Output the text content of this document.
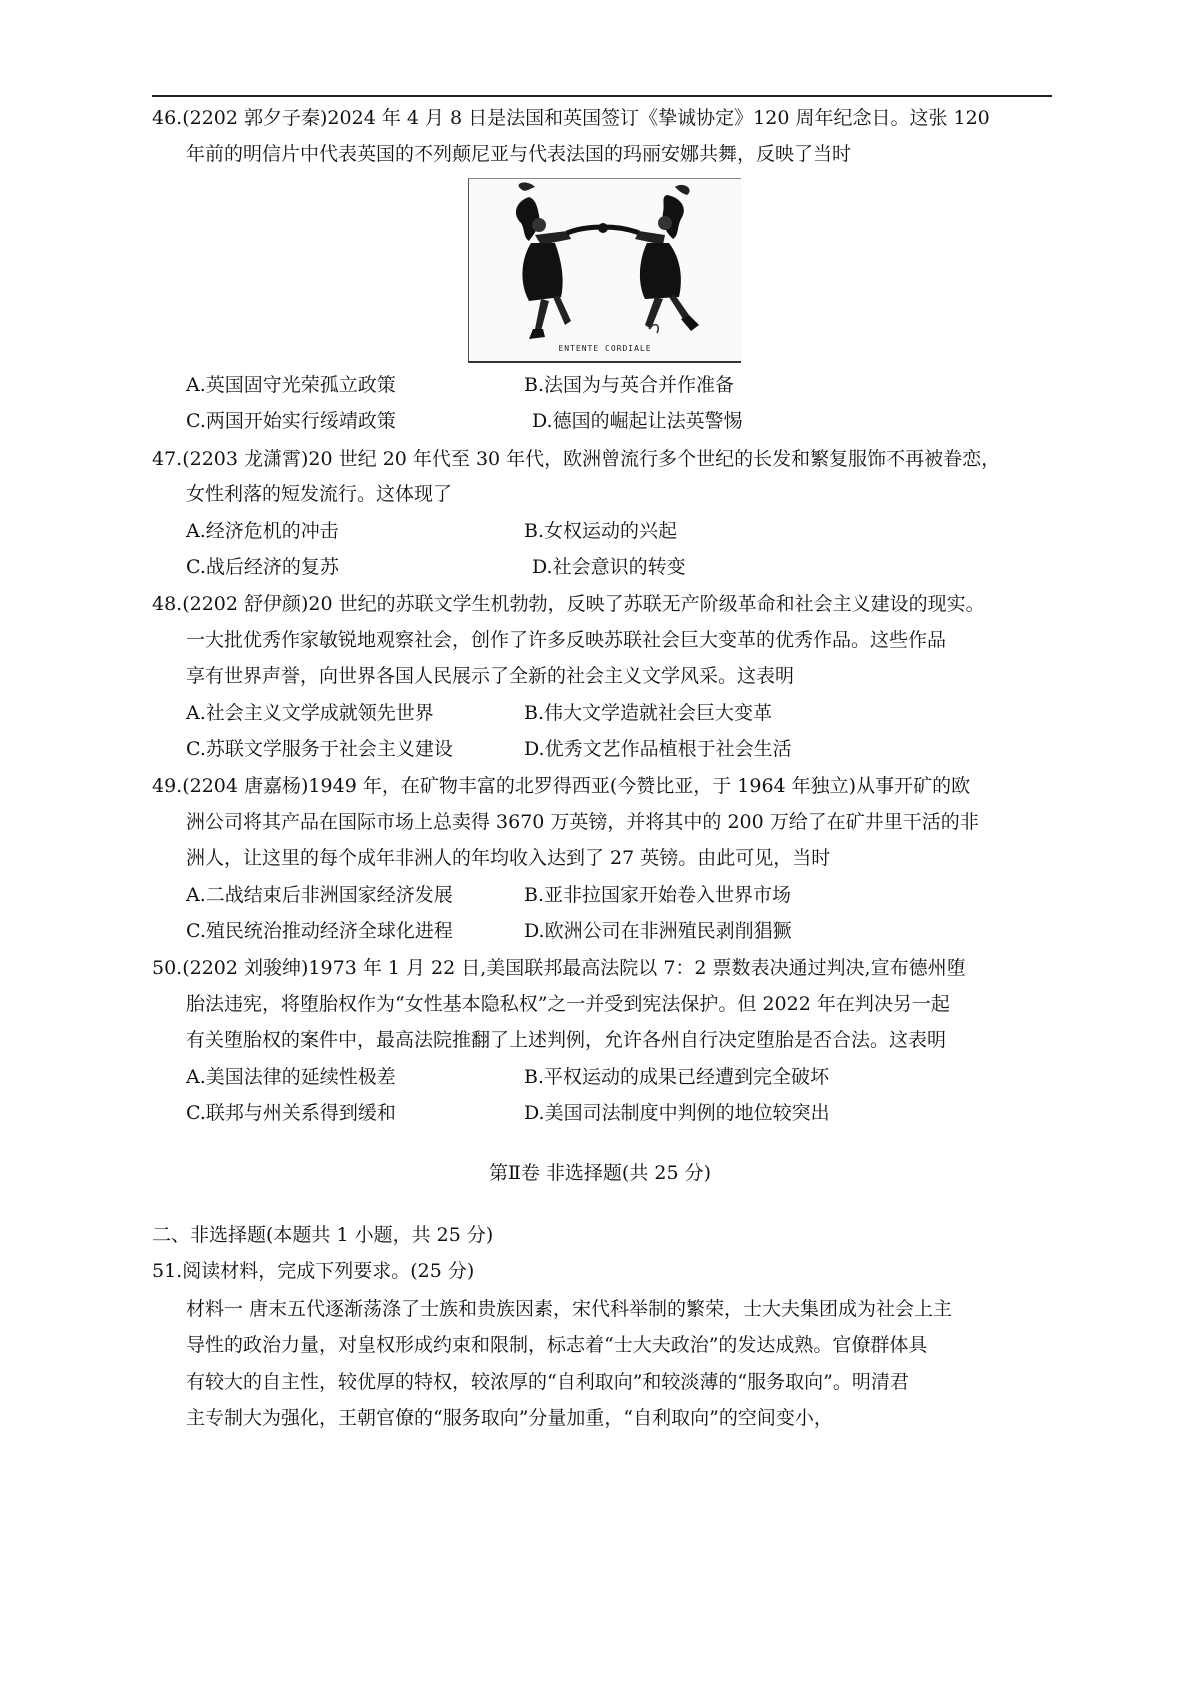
46.(2202 郭夕子秦)2024 年 4 月 8 日是法国和英国签订《挚诚协定》120 周年纪念日。这张 120
年前的明信片中代表英国的不列颠尼亚与代表法国的玛丽安娜共舞，反映了当时
ENTENTE CORDIALE
A.英国固守光荣孤立政策	B.法国为与英合并作准备
C.两国开始实行绥靖政策	D.德国的崛起让法英警惕
47.(2203 龙潇霄)20 世纪 20 年代至 30 年代，欧洲曾流行多个世纪的长发和繁复服饰不再被眷恋，
女性利落的短发流行。这体现了
A.经济危机的冲击	B.女权运动的兴起
C.战后经济的复苏	D.社会意识的转变
48.(2202 舒伊颜)20 世纪的苏联文学生机勃勃，反映了苏联无产阶级革命和社会主义建设的现实。
一大批优秀作家敏锐地观察社会，创作了许多反映苏联社会巨大变革的优秀作品。这些作品
享有世界声誉，向世界各国人民展示了全新的社会主义文学风采。这表明
A.社会主义文学成就领先世界	B.伟大文学造就社会巨大变革
C.苏联文学服务于社会主义建设	D.优秀文艺作品植根于社会生活
49.(2204 唐嘉杨)1949 年，在矿物丰富的北罗得西亚(今赞比亚，于 1964 年独立)从事开矿的欧
洲公司将其产品在国际市场上总卖得 3670 万英镑，并将其中的 200 万给了在矿井里干活的非
洲人，让这里的每个成年非洲人的年均收入达到了 27 英镑。由此可见，当时
A.二战结束后非洲国家经济发展	B.亚非拉国家开始卷入世界市场
C.殖民统治推动经济全球化进程	D.欧洲公司在非洲殖民剥削猖獗
50.(2202 刘骏绅)1973 年 1 月 22 日,美国联邦最高法院以 7：2 票数表决通过判决,宣布德州堕
胎法违宪，将堕胎权作为“女性基本隐私权”之一并受到宪法保护。但 2022 年在判决另一起
有关堕胎权的案件中，最高法院推翻了上述判例，允许各州自行决定堕胎是否合法。这表明
A.美国法律的延续性极差	B.平权运动的成果已经遭到完全破坏
C.联邦与州关系得到缓和	D.美国司法制度中判例的地位较突出
第Ⅱ卷 非选择题(共 25 分)
二、非选择题(本题共 1 小题，共 25 分)
51.阅读材料，完成下列要求。(25 分)
材料一 唐末五代逐渐荡涤了士族和贵族因素，宋代科举制的繁荣，士大夫集团成为社会上主
导性的政治力量，对皇权形成约束和限制，标志着“士大夫政治”的发达成熟。官僚群体具
有较大的自主性，较优厚的特权，较浓厚的“自利取向”和较淡薄的“服务取向”。明清君
主专制大为强化，王朝官僚的“服务取向”分量加重，“自利取向”的空间变小，
